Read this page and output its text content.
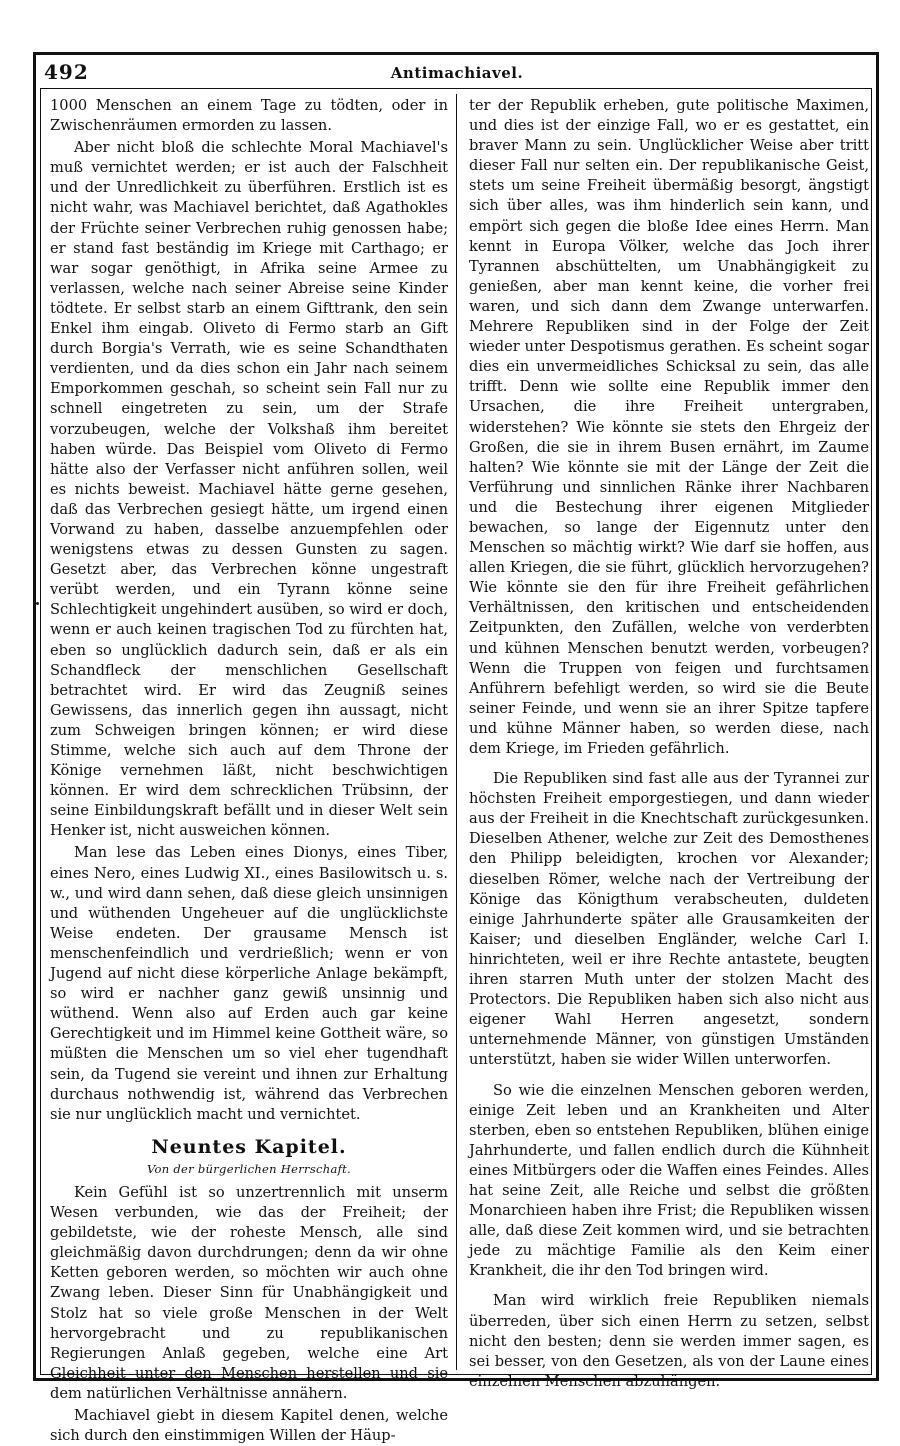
492	Antimachiavel.

1000 Menschen an einem Tage zu tödten, oder in Zwischenräumen ermorden zu lassen.

Aber nicht bloß die schlechte Moral Machiavel's muß vernichtet werden; er ist auch der Falschheit und der Unredlichkeit zu überführen. Erstlich ist es nicht wahr, was Machiavel berichtet, daß Agathokles der Früchte seiner Verbrechen ruhig genossen habe; er stand fast beständig im Kriege mit Carthago; er war sogar genöthigt, in Afrika seine Armee zu verlassen, welche nach seiner Abreise seine Kinder tödtete. Er selbst starb an einem Gifttrank, den sein Enkel ihm eingab. Oliveto di Fermo starb an Gift durch Borgia's Verrath, wie es seine Schandthaten verdienten, und da dies schon ein Jahr nach seinem Emporkommen geschah, so scheint sein Fall nur zu schnell eingetreten zu sein, um der Strafe vorzubeugen, welche der Volkshaß ihm bereitet haben würde. Das Beispiel vom Oliveto di Fermo hätte also der Verfasser nicht anführen sollen, weil es nichts beweist. Machiavel hätte gerne gesehen, daß das Verbrechen gesiegt hätte, um irgend einen Vorwand zu haben, dasselbe anzuempfehlen oder wenigstens etwas zu dessen Gunsten zu sagen. Gesetzt aber, das Verbrechen könne ungestraft verübt werden, und ein Tyrann könne seine Schlechtigkeit ungehindert ausüben, so wird er doch, wenn er auch keinen tragischen Tod zu fürchten hat, eben so unglücklich dadurch sein, daß er als ein Schandfleck der menschlichen Gesellschaft betrachtet wird. Er wird das Zeugniß seines Gewissens, das innerlich gegen ihn aussagt, nicht zum Schweigen bringen können; er wird diese Stimme, welche sich auch auf dem Throne der Könige vernehmen läßt, nicht beschwichtigen können. Er wird dem schrecklichen Trübsinn, der seine Einbildungskraft befällt und in dieser Welt sein Henker ist, nicht ausweichen können.

Man lese das Leben eines Dionys, eines Tiber, eines Nero, eines Ludwig XI., eines Basilowitsch u. s. w., und wird dann sehen, daß diese gleich unsinnigen und wüthenden Ungeheuer auf die unglücklichste Weise endeten. Der grausame Mensch ist menschenfeindlich und verdrießlich; wenn er von Jugend auf nicht diese körperliche Anlage bekämpft, so wird er nachher ganz gewiß unsinnig und wüthend. Wenn also auf Erden auch gar keine Gerechtigkeit und im Himmel keine Gottheit wäre, so müßten die Menschen um so viel eher tugendhaft sein, da Tugend sie vereint und ihnen zur Erhaltung durchaus nothwendig ist, während das Verbrechen sie nur unglücklich macht und vernichtet.

Neuntes Kapitel.
Von der bürgerlichen Herrschaft.

Kein Gefühl ist so unzertrennlich mit unserm Wesen verbunden, wie das der Freiheit; der gebildetste, wie der roheste Mensch, alle sind gleichmäßig davon durchdrungen; denn da wir ohne Ketten geboren werden, so möchten wir auch ohne Zwang leben. Dieser Sinn für Unabhängigkeit und Stolz hat so viele große Menschen in der Welt hervorgebracht und zu republikanischen Regierungen Anlaß gegeben, welche eine Art Gleichheit unter den Menschen herstellen und sie dem natürlichen Verhältnisse annähern.

Machiavel giebt in diesem Kapitel denen, welche sich durch den einstimmigen Willen der Häup-

ter der Republik erheben, gute politische Maximen, und dies ist der einzige Fall, wo er es gestattet, ein braver Mann zu sein. Unglücklicher Weise aber tritt dieser Fall nur selten ein. Der republikanische Geist, stets um seine Freiheit übermäßig besorgt, ängstigt sich über alles, was ihm hinderlich sein kann, und empört sich gegen die bloße Idee eines Herrn. Man kennt in Europa Völker, welche das Joch ihrer Tyrannen abschüttelten, um Unabhängigkeit zu genießen, aber man kennt keine, die vorher frei waren, und sich dann dem Zwange unterwarfen. Mehrere Republiken sind in der Folge der Zeit wieder unter Despotismus gerathen. Es scheint sogar dies ein unvermeidliches Schicksal zu sein, das alle trifft. Denn wie sollte eine Republik immer den Ursachen, die ihre Freiheit untergraben, widerstehen? Wie könnte sie stets den Ehrgeiz der Großen, die sie in ihrem Busen ernährt, im Zaume halten? Wie könnte sie mit der Länge der Zeit die Verführung und sinnlichen Ränke ihrer Nachbaren und die Bestechung ihrer eigenen Mitglieder bewachen, so lange der Eigennutz unter den Menschen so mächtig wirkt? Wie darf sie hoffen, aus allen Kriegen, die sie führt, glücklich hervorzugehen? Wie könnte sie den für ihre Freiheit gefährlichen Verhältnissen, den kritischen und entscheidenden Zeitpunkten, den Zufällen, welche von verderbten und kühnen Menschen benutzt werden, vorbeugen? Wenn die Truppen von feigen und furchtsamen Anführern befehligt werden, so wird sie die Beute seiner Feinde, und wenn sie an ihrer Spitze tapfere und kühne Männer haben, so werden diese, nach dem Kriege, im Frieden gefährlich.

Die Republiken sind fast alle aus der Tyrannei zur höchsten Freiheit emporgestiegen, und dann wieder aus der Freiheit in die Knechtschaft zurückgesunken. Dieselben Athener, welche zur Zeit des Demosthenes den Philipp beleidigten, krochen vor Alexander; dieselben Römer, welche nach der Vertreibung der Könige das Königthum verabscheuten, duldeten einige Jahrhunderte später alle Grausamkeiten der Kaiser; und dieselben Engländer, welche Carl I. hinrichteten, weil er ihre Rechte antastete, beugten ihren starren Muth unter der stolzen Macht des Protectors. Die Republiken haben sich also nicht aus eigener Wahl Herren angesetzt, sondern unternehmende Männer, von günstigen Umständen unterstützt, haben sie wider Willen unterworfen.

So wie die einzelnen Menschen geboren werden, einige Zeit leben und an Krankheiten und Alter sterben, eben so entstehen Republiken, blühen einige Jahrhunderte, und fallen endlich durch die Kühnheit eines Mitbürgers oder die Waffen eines Feindes. Alles hat seine Zeit, alle Reiche und selbst die größten Monarchieen haben ihre Frist; die Republiken wissen alle, daß diese Zeit kommen wird, und sie betrachten jede zu mächtige Familie als den Keim einer Krankheit, die ihr den Tod bringen wird.

Man wird wirklich freie Republiken niemals überreden, über sich einen Herrn zu setzen, selbst nicht den besten; denn sie werden immer sagen, es sei besser, von den Gesetzen, als von der Laune eines einzelnen Menschen abzuhängen.
